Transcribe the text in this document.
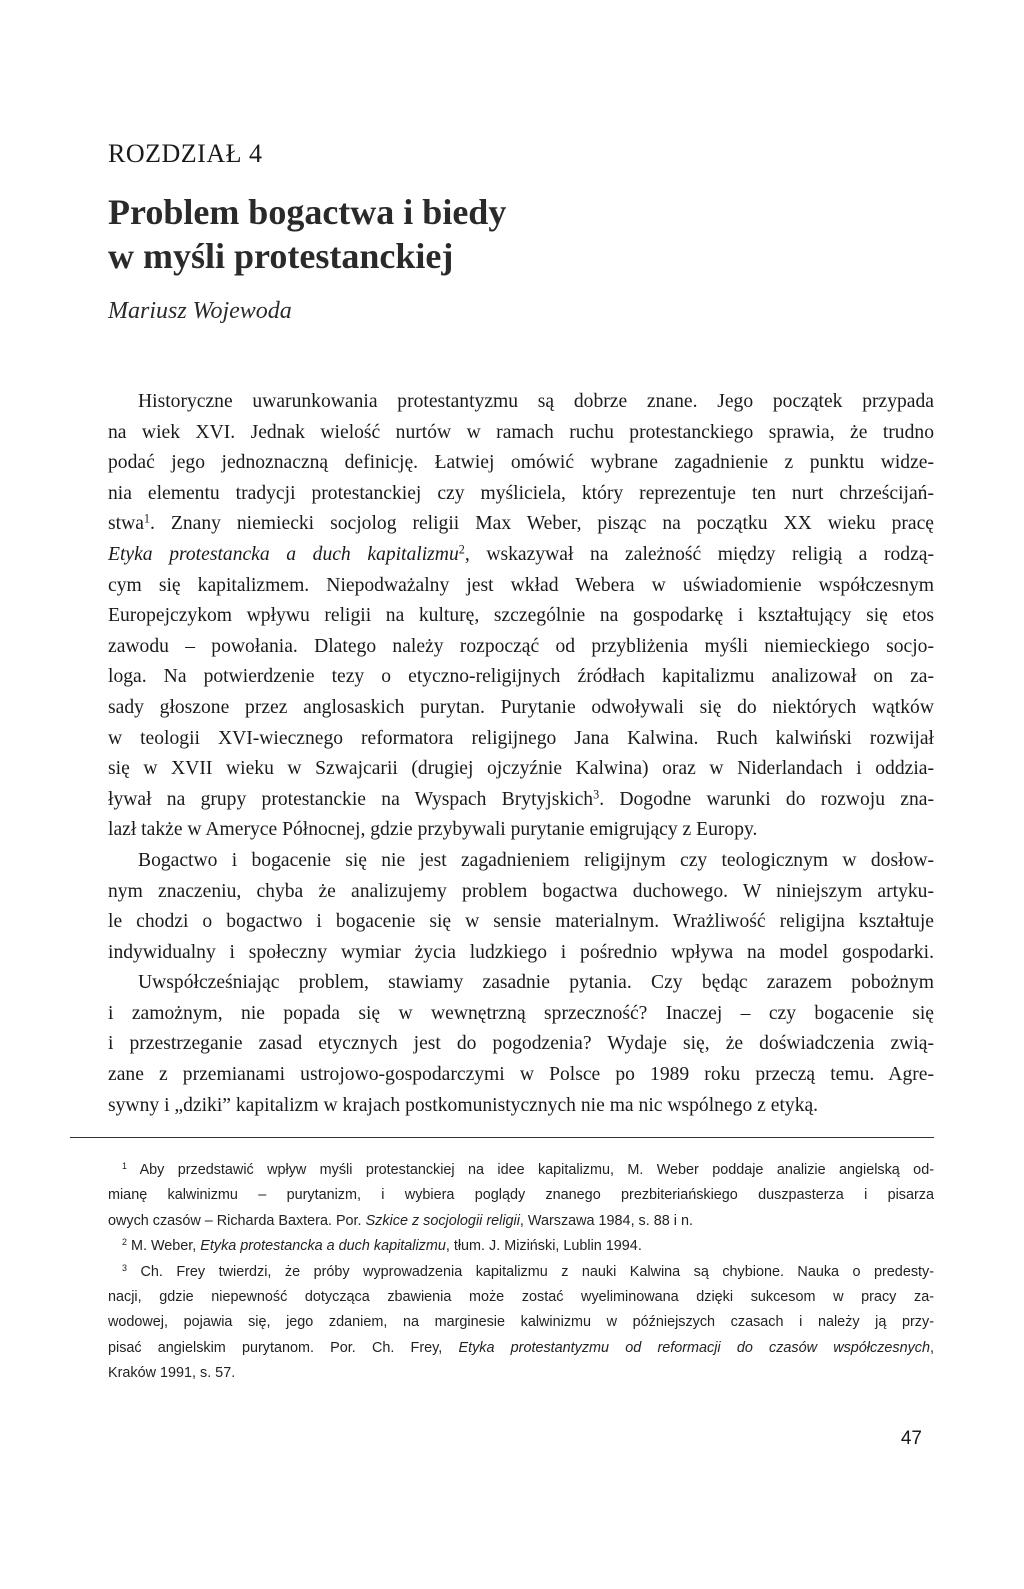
ROZDZIAŁ 4
Problem bogactwa i biedy
w myśli protestanckiej
Mariusz Wojewoda
Historyczne uwarunkowania protestantyzmu są dobrze znane. Jego początek przypada
na wiek XVI. Jednak wielość nurtów w ramach ruchu protestanckiego sprawia, że trudno
podać jego jednoznaczną definicję. Łatwiej omówić wybrane zagadnienie z punktu widze-
nia elementu tradycji protestanckiej czy myśliciela, który reprezentuje ten nurt chrześcijań-
stwa$^1$. Znany niemiecki socjolog religii Max Weber, pisząc na początku XX wieku pracę
Etyka protestancka a duch kapitalizmu$^2$, wskazywał na zależność między religią a rodzą-
cym się kapitalizmem. Niepodważalny jest wkład Webera w uświadomienie współczesnym
Europejczykom wpływu religii na kulturę, szczególnie na gospodarkę i kształtujący się etos
zawodu – powołania. Dlatego należy rozpocząć od przybliżenia myśli niemieckiego socjo-
loga. Na potwierdzenie tezy o etyczno-religijnych źródłach kapitalizmu analizował on za-
sady głoszone przez anglosaskich purytan. Purytanie odwoływali się do niektórych wątków
w teologii XVI-wiecznego reformatora religijnego Jana Kalwina. Ruch kalwiński rozwijał
się w XVII wieku w Szwajcarii (drugiej ojczyźnie Kalwina) oraz w Niderlandach i oddzia-
ływał na grupy protestanckie na Wyspach Brytyjskich$^3$. Dogodne warunki do rozwoju zna-
lazł także w Ameryce Północnej, gdzie przybywali purytanie emigrujący z Europy.
Bogactwo i bogacenie się nie jest zagadnieniem religijnym czy teologicznym w dosłow-
nym znaczeniu, chyba że analizujemy problem bogactwa duchowego. W niniejszym artyku-
le chodzi o bogactwo i bogacenie się w sensie materialnym. Wrażliwość religijna kształtuje
indywidualny i społeczny wymiar życia ludzkiego i pośrednio wpływa na model gospodarki.
Uwspółcześniając problem, stawiamy zasadnie pytania. Czy będąc zarazem pobożnym
i zamożnym, nie popada się w wewnętrzną sprzeczność? Inaczej – czy bogacenie się
i przestrzeganie zasad etycznych jest do pogodzenia? Wydaje się, że doświadczenia zwią-
zane z przemianami ustrojowo-gospodarczymi w Polsce po 1989 roku przeczą temu. Agre-
sywny i „dziki” kapitalizm w krajach postkomunistycznych nie ma nic wspólnego z etyką.
$^1$ Aby przedstawić wpływ myśli protestanckiej na idee kapitalizmu, M. Weber poddaje analizie angielską od-
mianę kalwinizmu – purytanizm, i wybiera poglądy znanego prezbiteriańskiego duszpasterza i pisarza
owych czasów – Richarda Baxtera. Por. Szkice z socjologii religii, Warszawa 1984, s. 88 i n.
$^2$ M. Weber, Etyka protestancka a duch kapitalizmu, tłum. J. Miziński, Lublin 1994.
$^3$ Ch. Frey twierdzi, że próby wyprowadzenia kapitalizmu z nauki Kalwina są chybione. Nauka o predesty-
nacji, gdzie niepewność dotycząca zbawienia może zostać wyeliminowana dzięki sukcesom w pracy za-
wodowej, pojawia się, jego zdaniem, na marginesie kalwinizmu w późniejszych czasach i należy ją przy-
pisać angielskim purytanom. Por. Ch. Frey, Etyka protestantyzmu od reformacji do czasów współczesnych,
Kraków 1991, s. 57.
47
